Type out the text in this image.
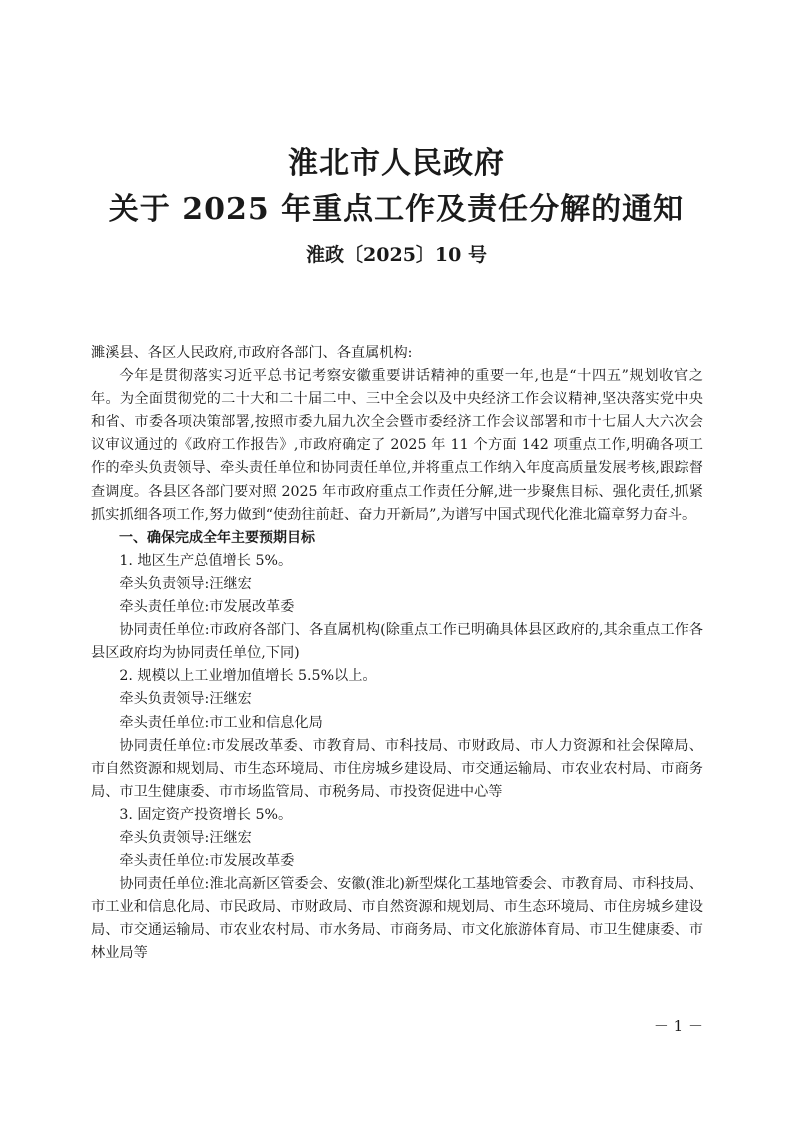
淮北市人民政府
关于 2025 年重点工作及责任分解的通知
淮政〔2025〕10 号

濉溪县、各区人民政府,市政府各部门、各直属机构:

今年是贯彻落实习近平总书记考察安徽重要讲话精神的重要一年,也是“十四五”规划收官之年。为全面贯彻党的二十大和二十届二中、三中全会以及中央经济工作会议精神,坚决落实党中央和省、市委各项决策部署,按照市委九届九次全会暨市委经济工作会议部署和市十七届人大六次会议审议通过的《政府工作报告》,市政府确定了 2025 年 11 个方面 142 项重点工作,明确各项工作的牵头负责领导、牵头责任单位和协同责任单位,并将重点工作纳入年度高质量发展考核,跟踪督查调度。各县区各部门要对照 2025 年市政府重点工作责任分解,进一步聚焦目标、强化责任,抓紧抓实抓细各项工作,努力做到“使劲往前赶、奋力开新局”,为谱写中国式现代化淮北篇章努力奋斗。

一、确保完成全年主要预期目标

1. 地区生产总值增长 5%。

牵头负责领导:汪继宏

牵头责任单位:市发展改革委

协同责任单位:市政府各部门、各直属机构(除重点工作已明确具体县区政府的,其余重点工作各县区政府均为协同责任单位,下同)

2. 规模以上工业增加值增长 5.5%以上。

牵头负责领导:汪继宏

牵头责任单位:市工业和信息化局

协同责任单位:市发展改革委、市教育局、市科技局、市财政局、市人力资源和社会保障局、市自然资源和规划局、市生态环境局、市住房城乡建设局、市交通运输局、市农业农村局、市商务局、市卫生健康委、市市场监管局、市税务局、市投资促进中心等

3. 固定资产投资增长 5%。

牵头负责领导:汪继宏

牵头责任单位:市发展改革委

协同责任单位:淮北高新区管委会、安徽(淮北)新型煤化工基地管委会、市教育局、市科技局、市工业和信息化局、市民政局、市财政局、市自然资源和规划局、市生态环境局、市住房城乡建设局、市交通运输局、市农业农村局、市水务局、市商务局、市文化旅游体育局、市卫生健康委、市林业局等

－ 1 －
